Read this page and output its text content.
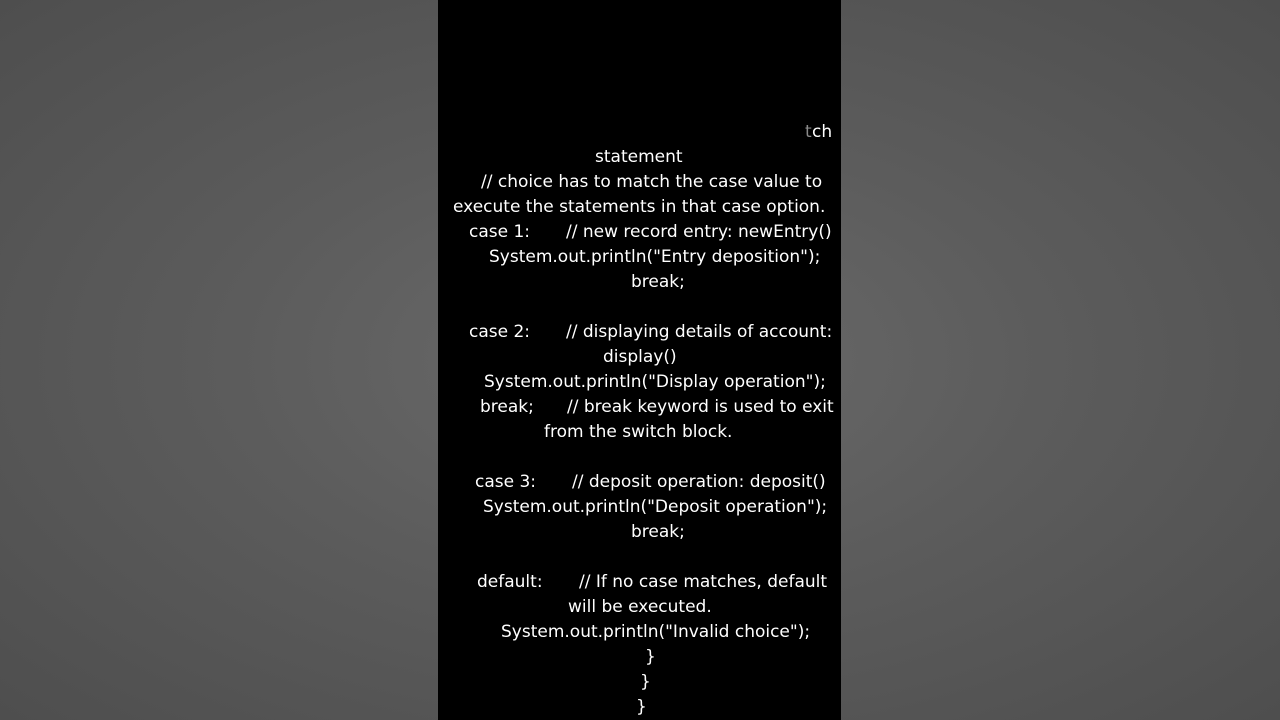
t

ch

statement

// choice has to match the case value to

execute the statements in that case option.

case 1:

// new record entry: newEntry()

System.out.println("Entry deposition");

break;

case 2:

// displaying details of account:

display()

System.out.println("Display operation");

break;

// break keyword is used to exit

from the switch block.

case 3:

// deposit operation: deposit()

System.out.println("Deposit operation");

break;

default:

// If no case matches, default

will be executed.

System.out.println("Invalid choice");

}

}

}
